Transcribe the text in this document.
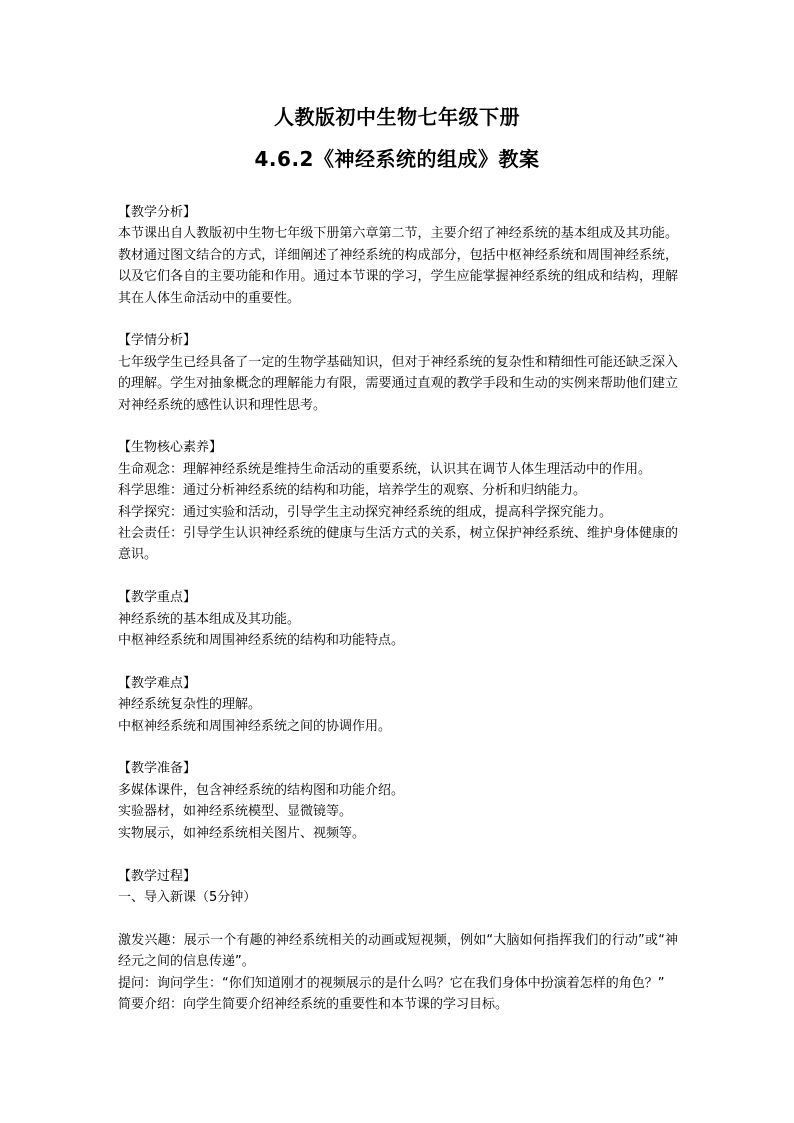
人教版初中生物七年级下册
4.6.2《神经系统的组成》教案
【教学分析】
本节课出自人教版初中生物七年级下册第六章第二节，主要介绍了神经系统的基本组成及其功能。教材通过图文结合的方式，详细阐述了神经系统的构成部分，包括中枢神经系统和周围神经系统，以及它们各自的主要功能和作用。通过本节课的学习，学生应能掌握神经系统的组成和结构，理解其在人体生命活动中的重要性。
【学情分析】
七年级学生已经具备了一定的生物学基础知识，但对于神经系统的复杂性和精细性可能还缺乏深入的理解。学生对抽象概念的理解能力有限，需要通过直观的教学手段和生动的实例来帮助他们建立对神经系统的感性认识和理性思考。
【生物核心素养】
生命观念：理解神经系统是维持生命活动的重要系统，认识其在调节人体生理活动中的作用。
科学思维：通过分析神经系统的结构和功能，培养学生的观察、分析和归纳能力。
科学探究：通过实验和活动，引导学生主动探究神经系统的组成，提高科学探究能力。
社会责任：引导学生认识神经系统的健康与生活方式的关系，树立保护神经系统、维护身体健康的意识。
【教学重点】
神经系统的基本组成及其功能。
中枢神经系统和周围神经系统的结构和功能特点。
【教学难点】
神经系统复杂性的理解。
中枢神经系统和周围神经系统之间的协调作用。
【教学准备】
多媒体课件，包含神经系统的结构图和功能介绍。
实验器材，如神经系统模型、显微镜等。
实物展示，如神经系统相关图片、视频等。
【教学过程】
一、导入新课（5分钟）
激发兴趣：展示一个有趣的神经系统相关的动画或短视频，例如“大脑如何指挥我们的行动”或“神经元之间的信息传递”。
提问：询问学生：“你们知道刚才的视频展示的是什么吗？它在我们身体中扮演着怎样的角色？”
简要介绍：向学生简要介绍神经系统的重要性和本节课的学习目标。
